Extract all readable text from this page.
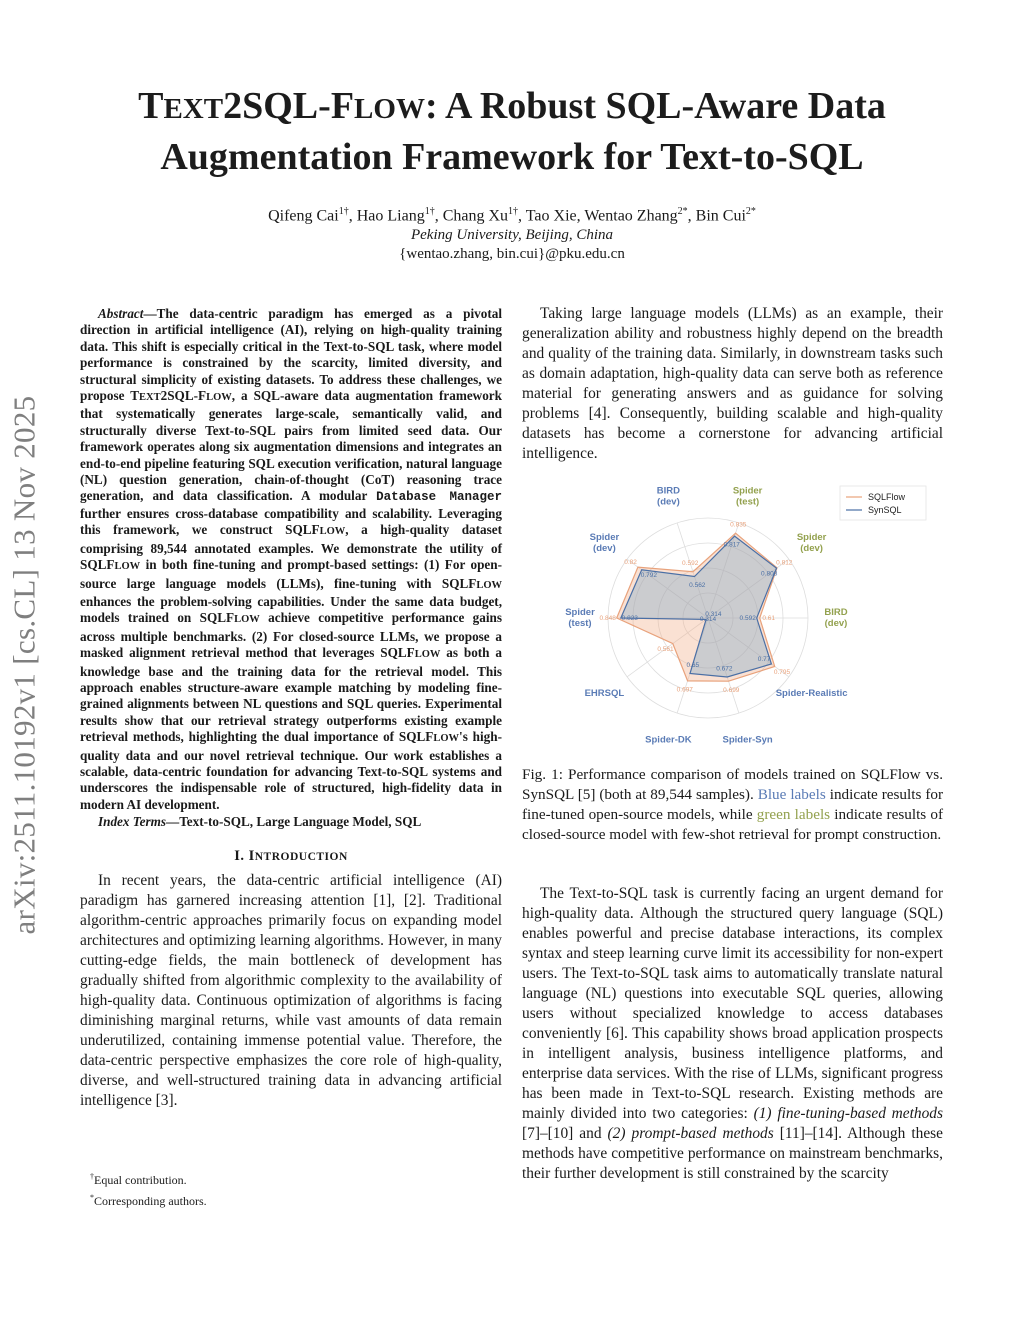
arXiv:2511.10192v1 [cs.CL] 13 Nov 2025
TEXT2SQL-FLOW: A Robust SQL-Aware Data
Augmentation Framework for Text-to-SQL
Qifeng Cai$^{1\dagger}$, Hao Liang$^{1\dagger}$, Chang $Xu^{1\dagger}$, Tao Xie, Wentao Zhang$^{2*}$, Bin Cui$^{2*}$
Peking University, Beijing, China
{wentao.zhang, bin.cui}@pku.edu.cn

Abstract—The data-centric paradigm has emerged as a pivotal direction in artificial intelligence (AI), relying on high-quality training data. This shift is especially critical in the Text-to-SQL task, where model performance is constrained by the scarcity, limited diversity, and structural simplicity of existing datasets. To address these challenges, we propose TEXT2SQL-FLOW, a SQL-aware data augmentation framework that systematically generates large-scale, semantically valid, and structurally diverse Text-to-SQL pairs from limited seed data. Our framework operates along six augmentation dimensions and integrates an end-to-end pipeline featuring SQL execution verification, natural language (NL) question generation, chain-of-thought (CoT) reasoning trace generation, and data classification. A modular Database Manager further ensures cross-database compatibility and scalability. Leveraging this framework, we construct SQLFLOW, a high-quality dataset comprising 89,544 annotated examples. We demonstrate the utility of SQLFLOW in both fine-tuning and prompt-based settings: (1) For open-source large language models (LLMs), fine-tuning with SQLFLOW enhances the problem-solving capabilities. Under the same data budget, models trained on SQLFLOW achieve competitive performance gains across multiple benchmarks. (2) For closed-source LLMs, we propose a masked alignment retrieval method that leverages SQLFLOW as both a knowledge base and the training data for the retrieval model. This approach enables structure-aware example matching by modeling fine-grained alignments between NL questions and SQL queries. Experimental results show that our retrieval strategy outperforms existing example retrieval methods, highlighting the dual importance of SQLFLOW's high-quality data and our novel retrieval technique. Our work establishes a scalable, data-centric foundation for advancing Text-to-SQL systems and underscores the indispensable role of structured, high-fidelity data in modern AI development.

Index Terms—Text-to-SQL, Large Language Model, SQL

I. INTRODUCTION

In recent years, the data-centric artificial intelligence (AI) paradigm has garnered increasing attention [1], [2]. Traditional algorithm-centric approaches primarily focus on expanding model architectures and optimizing learning algorithms. However, in many cutting-edge fields, the main bottleneck of development has gradually shifted from algorithmic complexity to the availability of high-quality data. Continuous optimization of algorithms is facing diminishing marginal returns, while vast amounts of data remain underutilized, containing immense potential value. Therefore, the data-centric perspective emphasizes the core role of high-quality, diverse, and well-structured training data in advancing artificial intelligence [3].

†Equal contribution.
*Corresponding authors.

Taking large language models (LLMs) as an example, their generalization ability and robustness highly depend on the breadth and quality of the training data. Similarly, in downstream tasks such as domain adaptation, high-quality data can serve both as reference material for generating answers and as guidance for solving problems [4]. Consequently, building scalable and high-quality datasets has become a cornerstone for advancing artificial intelligence.

0.835
0.812
0.61
0.795
0.699
0.697
0.561
0.848
0.82	0.592
0.817
0.808
0.592
0.77
0.672
0.65
0.314
0.823
0.792
0.562
0.314
Spider (test)
Spider (dev)
BIRD (dev)
Spider-Realistic
Spider-Syn
Spider-DK
EHRSQL
Spider (test)
Spider (dev)
BIRD (dev)	SQLFlow
SynSQL

Fig. 1: Performance comparison of models trained on SQLFlow vs. SynSQL [5] (both at 89,544 samples). Blue labels indicate results for fine-tuned open-source models, while green labels indicate results of closed-source model with few-shot retrieval for prompt construction.

The Text-to-SQL task is currently facing an urgent demand for high-quality data. Although the structured query language (SQL) enables powerful and precise database interactions, its complex syntax and steep learning curve limit its accessibility for non-expert users. The Text-to-SQL task aims to automatically translate natural language (NL) questions into executable SQL queries, allowing users without specialized knowledge to access databases conveniently [6]. This capability shows broad application prospects in intelligent analysis, business intelligence platforms, and enterprise data services. With the rise of LLMs, significant progress has been made in Text-to-SQL research. Existing methods are mainly divided into two categories: (1) fine-tuning-based methods [7]–[10] and (2) prompt-based methods [11]–[14]. Although these methods have competitive performance on mainstream benchmarks, their further development is still constrained by the scarcity
